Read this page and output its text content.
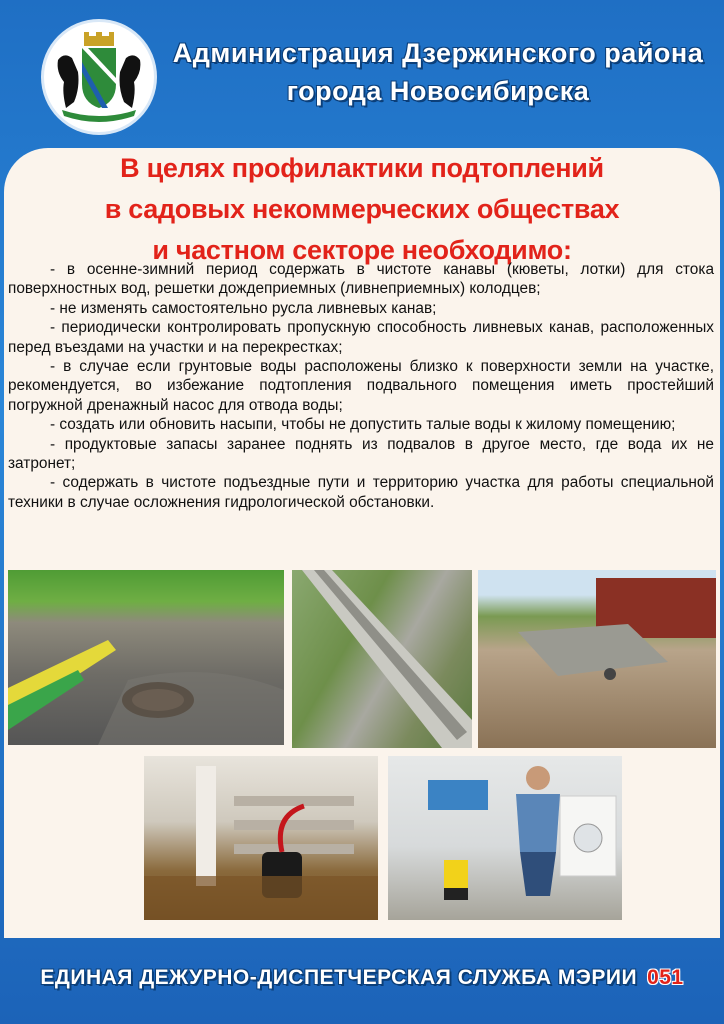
Администрация Дзержинского района
города Новосибирска
В целях профилактики подтоплений
в садовых некоммерческих обществах
и частном секторе необходимо:

- в осенне-зимний период содержать в чистоте канавы (кюветы, лотки) для стока поверхностных вод, решетки дождеприемных (ливнеприемных) колодцев;

- не изменять самостоятельно русла ливневых канав;

- периодически контролировать пропускную способность ливневых канав, расположенных перед въездами на участки и на перекрестках;

- в случае если грунтовые воды расположены близко к поверхности земли на участке, рекомендуется, во избежание подтопления подвального помещения иметь простейший погружной дренажный насос для отвода воды;

- создать или обновить насыпи, чтобы не допустить талые воды к жилому помещению;

- продуктовые запасы заранее поднять из подвалов в другое место, где вода их не затронет;

- содержать в чистоте подъездные пути и территорию участка для работы специальной техники в случае осложнения гидрологической обстановки.

ЕДИНАЯ ДЕЖУРНО-ДИСПЕТЧЕРСКАЯ СЛУЖБА МЭРИИ 051
